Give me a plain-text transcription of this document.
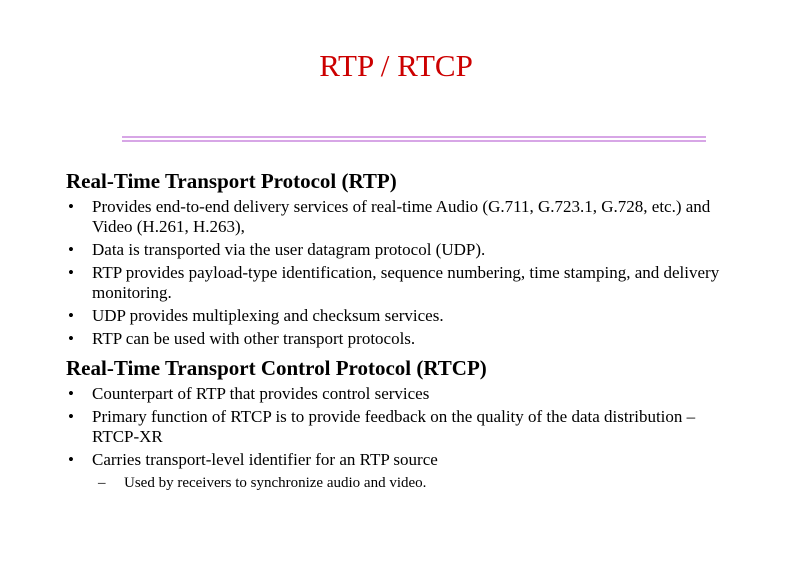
RTP / RTCP
Real-Time Transport Protocol (RTP)
• Provides end-to-end delivery services of real-time Audio (G.711, G.723.1, G.728, etc.) and Video (H.261, H.263),
• Data is transported via the user datagram protocol (UDP).
• RTP provides payload-type identification, sequence numbering, time stamping, and delivery monitoring.
• UDP provides multiplexing and checksum services.
• RTP can be used with other transport protocols.
Real-Time Transport Control Protocol (RTCP)
• Counterpart of RTP that provides control services
• Primary function of RTCP is to provide feedback on the quality of the data distribution – RTCP-XR
• Carries transport-level identifier for an RTP source
– Used by receivers to synchronize audio and video.
